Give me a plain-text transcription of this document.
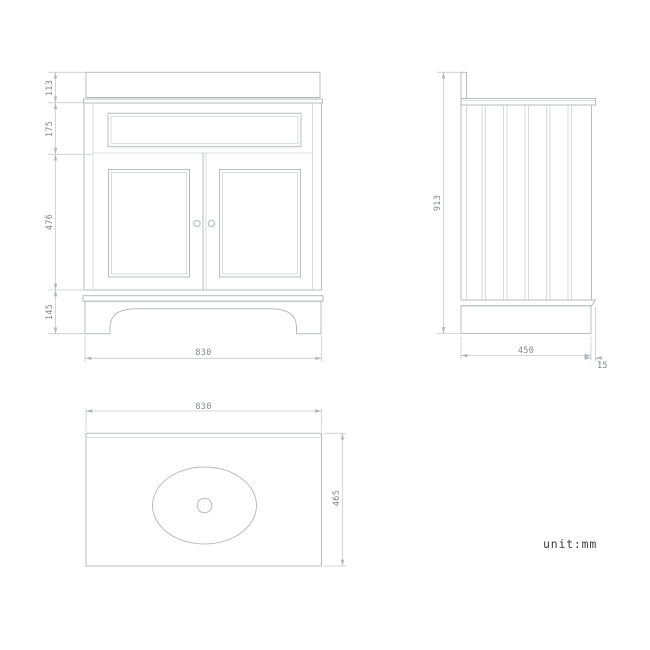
113
175
476
145
830
913
450
15
830
465
unit:mm
